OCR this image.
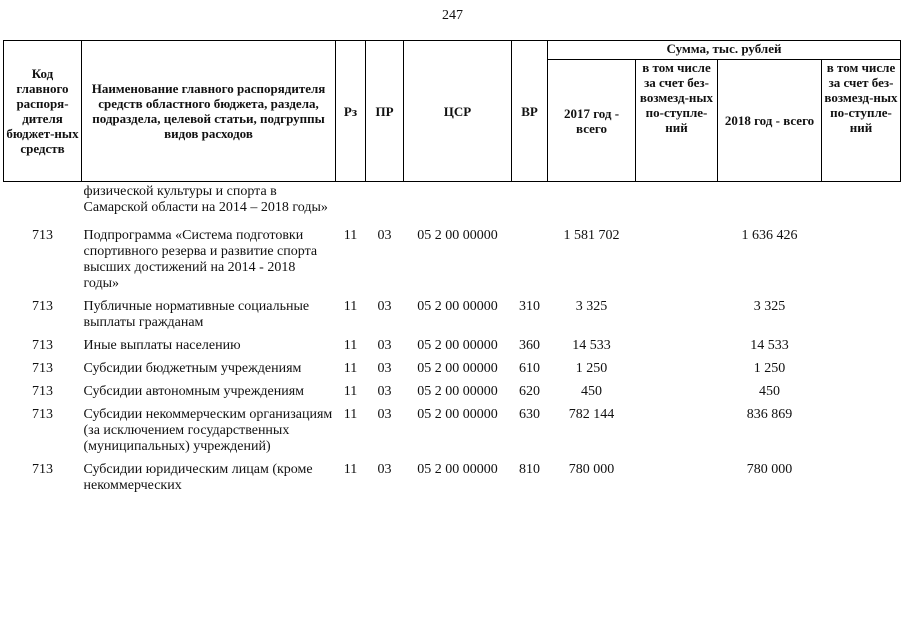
247
Код главного распоря-дителя бюджет-ных средств	Наименование главного распорядителя средств областного бюджета, раздела, подраздела, целевой статьи, подгруппы видов расходов	Рз	ПР	ЦСР	ВР	Сумма, тыс. рублей			
						2017 год - всего	в том числе за счет без-возмезд-ных по-ступле-ний	2018 год - всего	в том числе за счет без-возмезд-ных по-ступле-ний
	физической культуры и спорта в Самарской области на 2014 – 2018 годы»								
713	Подпрограмма «Система подготовки спортивного резерва и развитие спорта высших достижений на 2014 - 2018 годы»	11	03	05 2 00 00000		1 581 702		1 636 426	
713	Публичные нормативные социальные выплаты гражданам	11	03	05 2 00 00000	310	3 325		3 325	
713	Иные выплаты населению	11	03	05 2 00 00000	360	14 533		14 533	
713	Субсидии бюджетным учреждениям	11	03	05 2 00 00000	610	1 250		1 250	
713	Субсидии автономным учреждениям	11	03	05 2 00 00000	620	450		450	
713	Субсидии некоммерческим организациям (за исключением государственных (муниципальных) учреждений)	11	03	05 2 00 00000	630	782 144		836 869	
713	Субсидии юридическим лицам (кроме некоммерческих	11	03	05 2 00 00000	810	780 000		780 000	
